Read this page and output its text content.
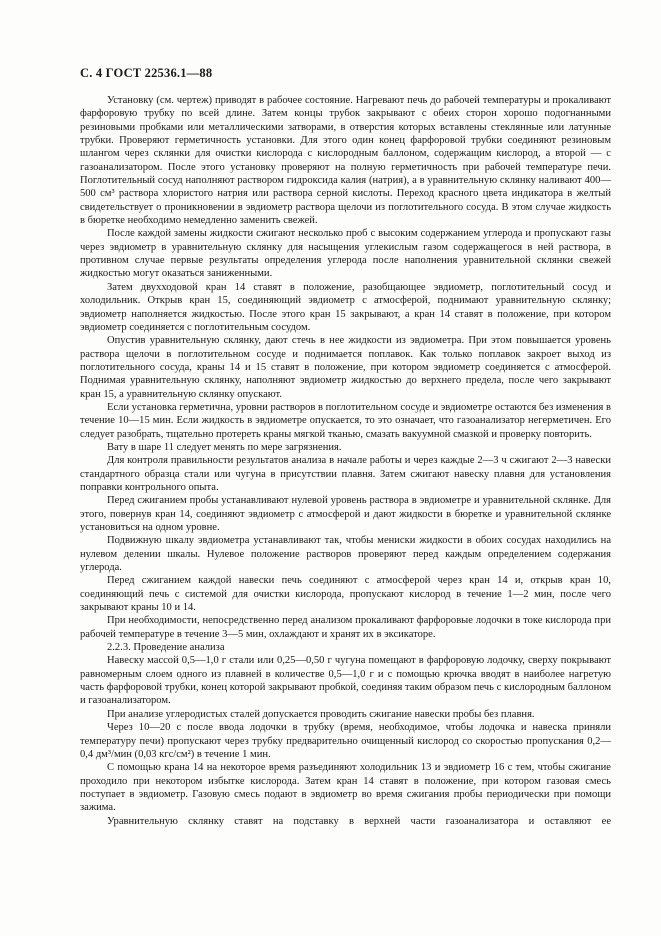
С. 4 ГОСТ 22536.1—88

Установку (см. чертеж) приводят в рабочее состояние. Нагревают печь до рабочей температуры и прокаливают фарфоровую трубку по всей длине. Затем концы трубок закрывают с обеих сторон хорошо подогнанными резиновыми пробками или металлическими затворами, в отверстия которых вставлены стеклянные или латунные трубки. Проверяют герметичность установки. Для этого один конец фарфоровой трубки соединяют резиновым шлангом через склянки для очистки кислорода с кислородным баллоном, содержащим кислород, а второй — с газоанализатором. После этого установку проверяют на полную герметичность при рабочей температуре печи. Поглотительный сосуд наполняют раствором гидроксида калия (натрия), а в уравнительную склянку наливают 400—500 см³ раствора хлористого натрия или раствора серной кислоты. Переход красного цвета индикатора в желтый свидетельствует о проникновении в эвдиометр раствора щелочи из поглотительного сосуда. В этом случае жидкость в бюретке необходимо немедленно заменить свежей.

После каждой замены жидкости сжигают несколько проб с высоким содержанием углерода и пропускают газы через эвдиометр в уравнительную склянку для насыщения углекислым газом содержащегося в ней раствора, в противном случае первые результаты определения углерода после наполнения уравнительной склянки свежей жидкостью могут оказаться заниженными.

Затем двухходовой кран 14 ставят в положение, разобщающее эвдиометр, поглотительный сосуд и холодильник. Открыв кран 15, соединяющий эвдиометр с атмосферой, поднимают уравнительную склянку; эвдиометр наполняется жидкостью. После этого кран 15 закрывают, а кран 14 ставят в положение, при котором эвдиометр соединяется с поглотительным сосудом.

Опустив уравнительную склянку, дают стечь в нее жидкости из эвдиометра. При этом повышается уровень раствора щелочи в поглотительном сосуде и поднимается поплавок. Как только поплавок закроет выход из поглотительного сосуда, краны 14 и 15 ставят в положение, при котором эвдиометр соединяется с атмосферой. Поднимая уравнительную склянку, наполняют эвдиометр жидкостью до верхнего предела, после чего закрывают кран 15, а уравнительную склянку опускают.

Если установка герметична, уровни растворов в поглотительном сосуде и эвдиометре остаются без изменения в течение 10—15 мин. Если жидкость в эвдиометре опускается, то это означает, что газоанализатор негерметичен. Его следует разобрать, тщательно протереть краны мягкой тканью, смазать вакуумной смазкой и проверку повторить.

Вату в шаре 11 следует менять по мере загрязнения.

Для контроля правильности результатов анализа в начале работы и через каждые 2—3 ч сжигают 2—3 навески стандартного образца стали или чугуна в присутствии плавня. Затем сжигают навеску плавня для установления поправки контрольного опыта.

Перед сжиганием пробы устанавливают нулевой уровень раствора в эвдиометре и уравнительной склянке. Для этого, повернув кран 14, соединяют эвдиометр с атмосферой и дают жидкости в бюретке и уравнительной склянке установиться на одном уровне.

Подвижную шкалу эвдиометра устанавливают так, чтобы мениски жидкости в обоих сосудах находились на нулевом делении шкалы. Нулевое положение растворов проверяют перед каждым определением содержания углерода.

Перед сжиганием каждой навески печь соединяют с атмосферой через кран 14 и, открыв кран 10, соединяющий печь с системой для очистки кислорода, пропускают кислород в течение 1—2 мин, после чего закрывают краны 10 и 14.

При необходимости, непосредственно перед анализом прокаливают фарфоровые лодочки в токе кислорода при рабочей температуре в течение 3—5 мин, охлаждают и хранят их в эксикаторе.

2.2.3. Проведение анализа

Навеску массой 0,5—1,0 г стали или 0,25—0,50 г чугуна помещают в фарфоровую лодочку, сверху покрывают равномерным слоем одного из плавней в количестве 0,5—1,0 г и с помощью крючка вводят в наиболее нагретую часть фарфоровой трубки, конец которой закрывают пробкой, соединяя таким образом печь с кислородным баллоном и газоанализатором.

При анализе углеродистых сталей допускается проводить сжигание навески пробы без плавня.

Через 10—20 с после ввода лодочки в трубку (время, необходимое, чтобы лодочка и навеска приняли температуру печи) пропускают через трубку предварительно очищенный кислород со скоростью пропускания 0,2—0,4 дм³/мин (0,03 кгс/см²) в течение 1 мин.

С помощью крана 14 на некоторое время разъединяют холодильник 13 и эвдиометр 16 с тем, чтобы сжигание проходило при некотором избытке кислорода. Затем кран 14 ставят в положение, при котором газовая смесь поступает в эвдиометр. Газовую смесь подают в эвдиометр во время сжигания пробы периодически при помощи зажима.

Уравнительную склянку ставят на подставку в верхней части газоанализатора и оставляют ее
